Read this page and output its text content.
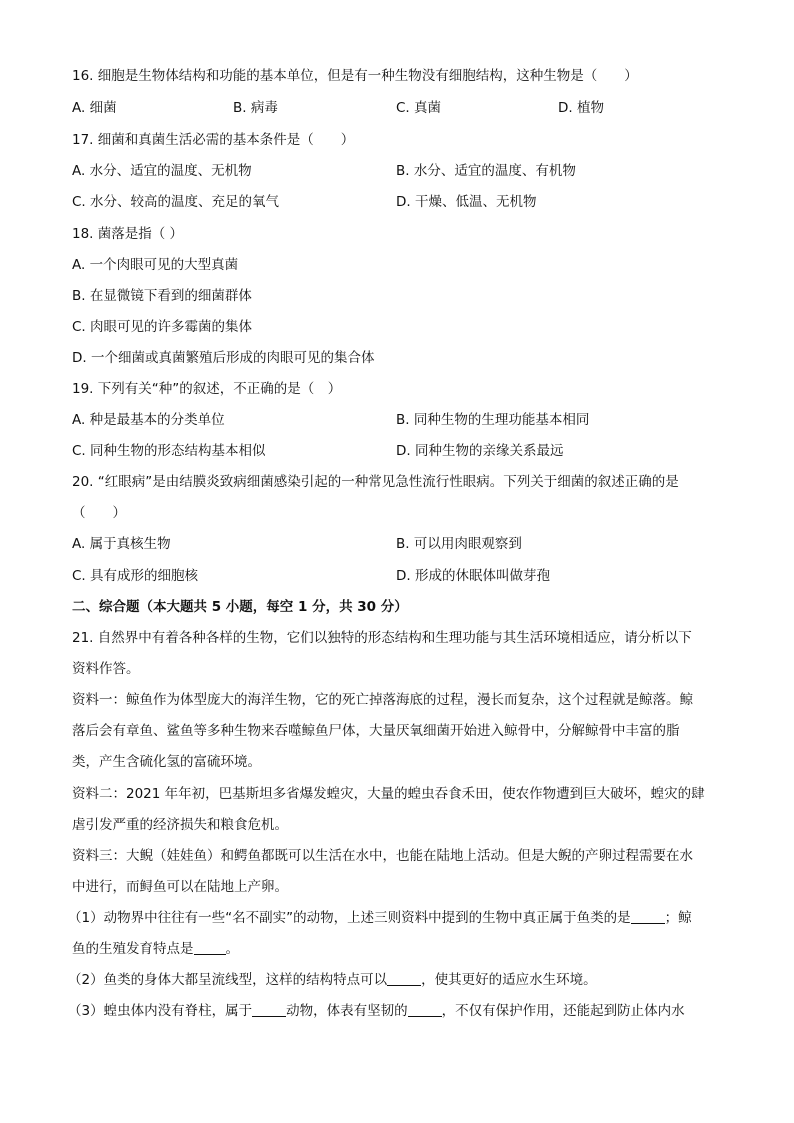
16. 细胞是生物体结构和功能的基本单位，但是有一种生物没有细胞结构，这种生物是（　　）
A. 细菌	B. 病毒	C. 真菌	D. 植物
17. 细菌和真菌生活必需的基本条件是（　　）
A. 水分、适宜的温度、无机物	B. 水分、适宜的温度、有机物
C. 水分、较高的温度、充足的氧气	D. 干燥、低温、无机物
18. 菌落是指（ ）
A. 一个肉眼可见的大型真菌
B. 在显微镜下看到的细菌群体
C. 肉眼可见的许多霉菌的集体
D. 一个细菌或真菌繁殖后形成的肉眼可见的集合体
19. 下列有关“种”的叙述，不正确的是（　）
A. 种是最基本的分类单位	B. 同种生物的生理功能基本相同
C. 同种生物的形态结构基本相似	D. 同种生物的亲缘关系最远
20. “红眼病”是由结膜炎致病细菌感染引起的一种常见急性流行性眼病。下列关于细菌的叙述正确的是
（　　）
A. 属于真核生物	B. 可以用肉眼观察到
C. 具有成形的细胞核	D. 形成的休眠体叫做芽孢
二、综合题（本大题共 5 小题，每空 1 分，共 30 分）
21. 自然界中有着各种各样的生物，它们以独特的形态结构和生理功能与其生活环境相适应，请分析以下
资料作答。
资料一：鲸鱼作为体型庞大的海洋生物，它的死亡掉落海底的过程，漫长而复杂，这个过程就是鲸落。鲸
落后会有章鱼、鲨鱼等多种生物来吞噬鲸鱼尸体，大量厌氧细菌开始进入鲸骨中，分解鲸骨中丰富的脂
类，产生含硫化氢的富硫环境。
资料二：2021 年年初，巴基斯坦多省爆发蝗灾，大量的蝗虫吞食禾田，使农作物遭到巨大破坏，蝗灾的肆
虐引发严重的经济损失和粮食危机。
资料三：大鲵（娃娃鱼）和鳄鱼都既可以生活在水中，也能在陆地上活动。但是大鲵的产卵过程需要在水
中进行，而鲟鱼可以在陆地上产卵。
（1）动物界中往往有一些“名不副实”的动物，上述三则资料中提到的生物中真正属于鱼类的是	；鲸
鱼的生殖发育特点是 。
（2）鱼类的身体大都呈流线型，这样的结构特点可以	，使其更好的适应水生环境。
（3）蝗虫体内没有脊柱，属于	动物，体表有坚韧的	，不仅有保护作用，还能起到防止体内水
